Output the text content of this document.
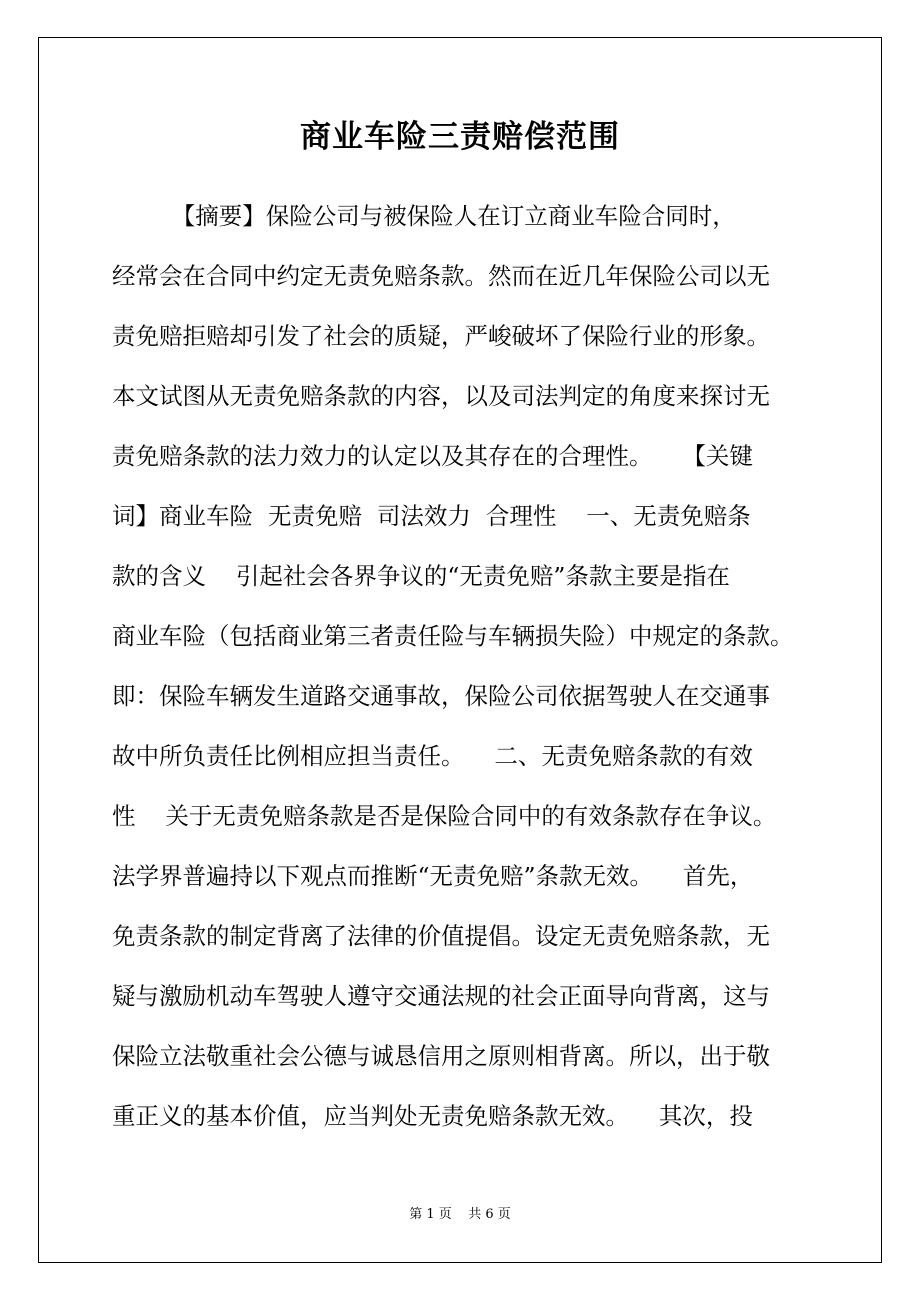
商业车险三责赔偿范围
【摘要】保险公司与被保险人在订立商业车险合同时，
经常会在合同中约定无责免赔条款。然而在近几年保险公司以无
责免赔拒赔却引发了社会的质疑，严峻破坏了保险行业的形象。
本文试图从无责免赔条款的内容，以及司法判定的角度来探讨无
责免赔条款的法力效力的认定以及其存在的合理性。    【关键
词】商业车险  无责免赔  司法效力  合理性    一、无责免赔条
款的含义    引起社会各界争议的“无责免赔”条款主要是指在
商业车险（包括商业第三者责任险与车辆损失险）中规定的条款。
即：保险车辆发生道路交通事故，保险公司依据驾驶人在交通事
故中所负责任比例相应担当责任。    二、无责免赔条款的有效
性    关于无责免赔条款是否是保险合同中的有效条款存在争议。
法学界普遍持以下观点而推断“无责免赔”条款无效。    首先，
免责条款的制定背离了法律的价值提倡。设定无责免赔条款，无
疑与激励机动车驾驶人遵守交通法规的社会正面导向背离，这与
保险立法敬重社会公德与诚恳信用之原则相背离。所以，出于敬
重正义的基本价值，应当判处无责免赔条款无效。    其次，投
第 1 页    共 6 页
